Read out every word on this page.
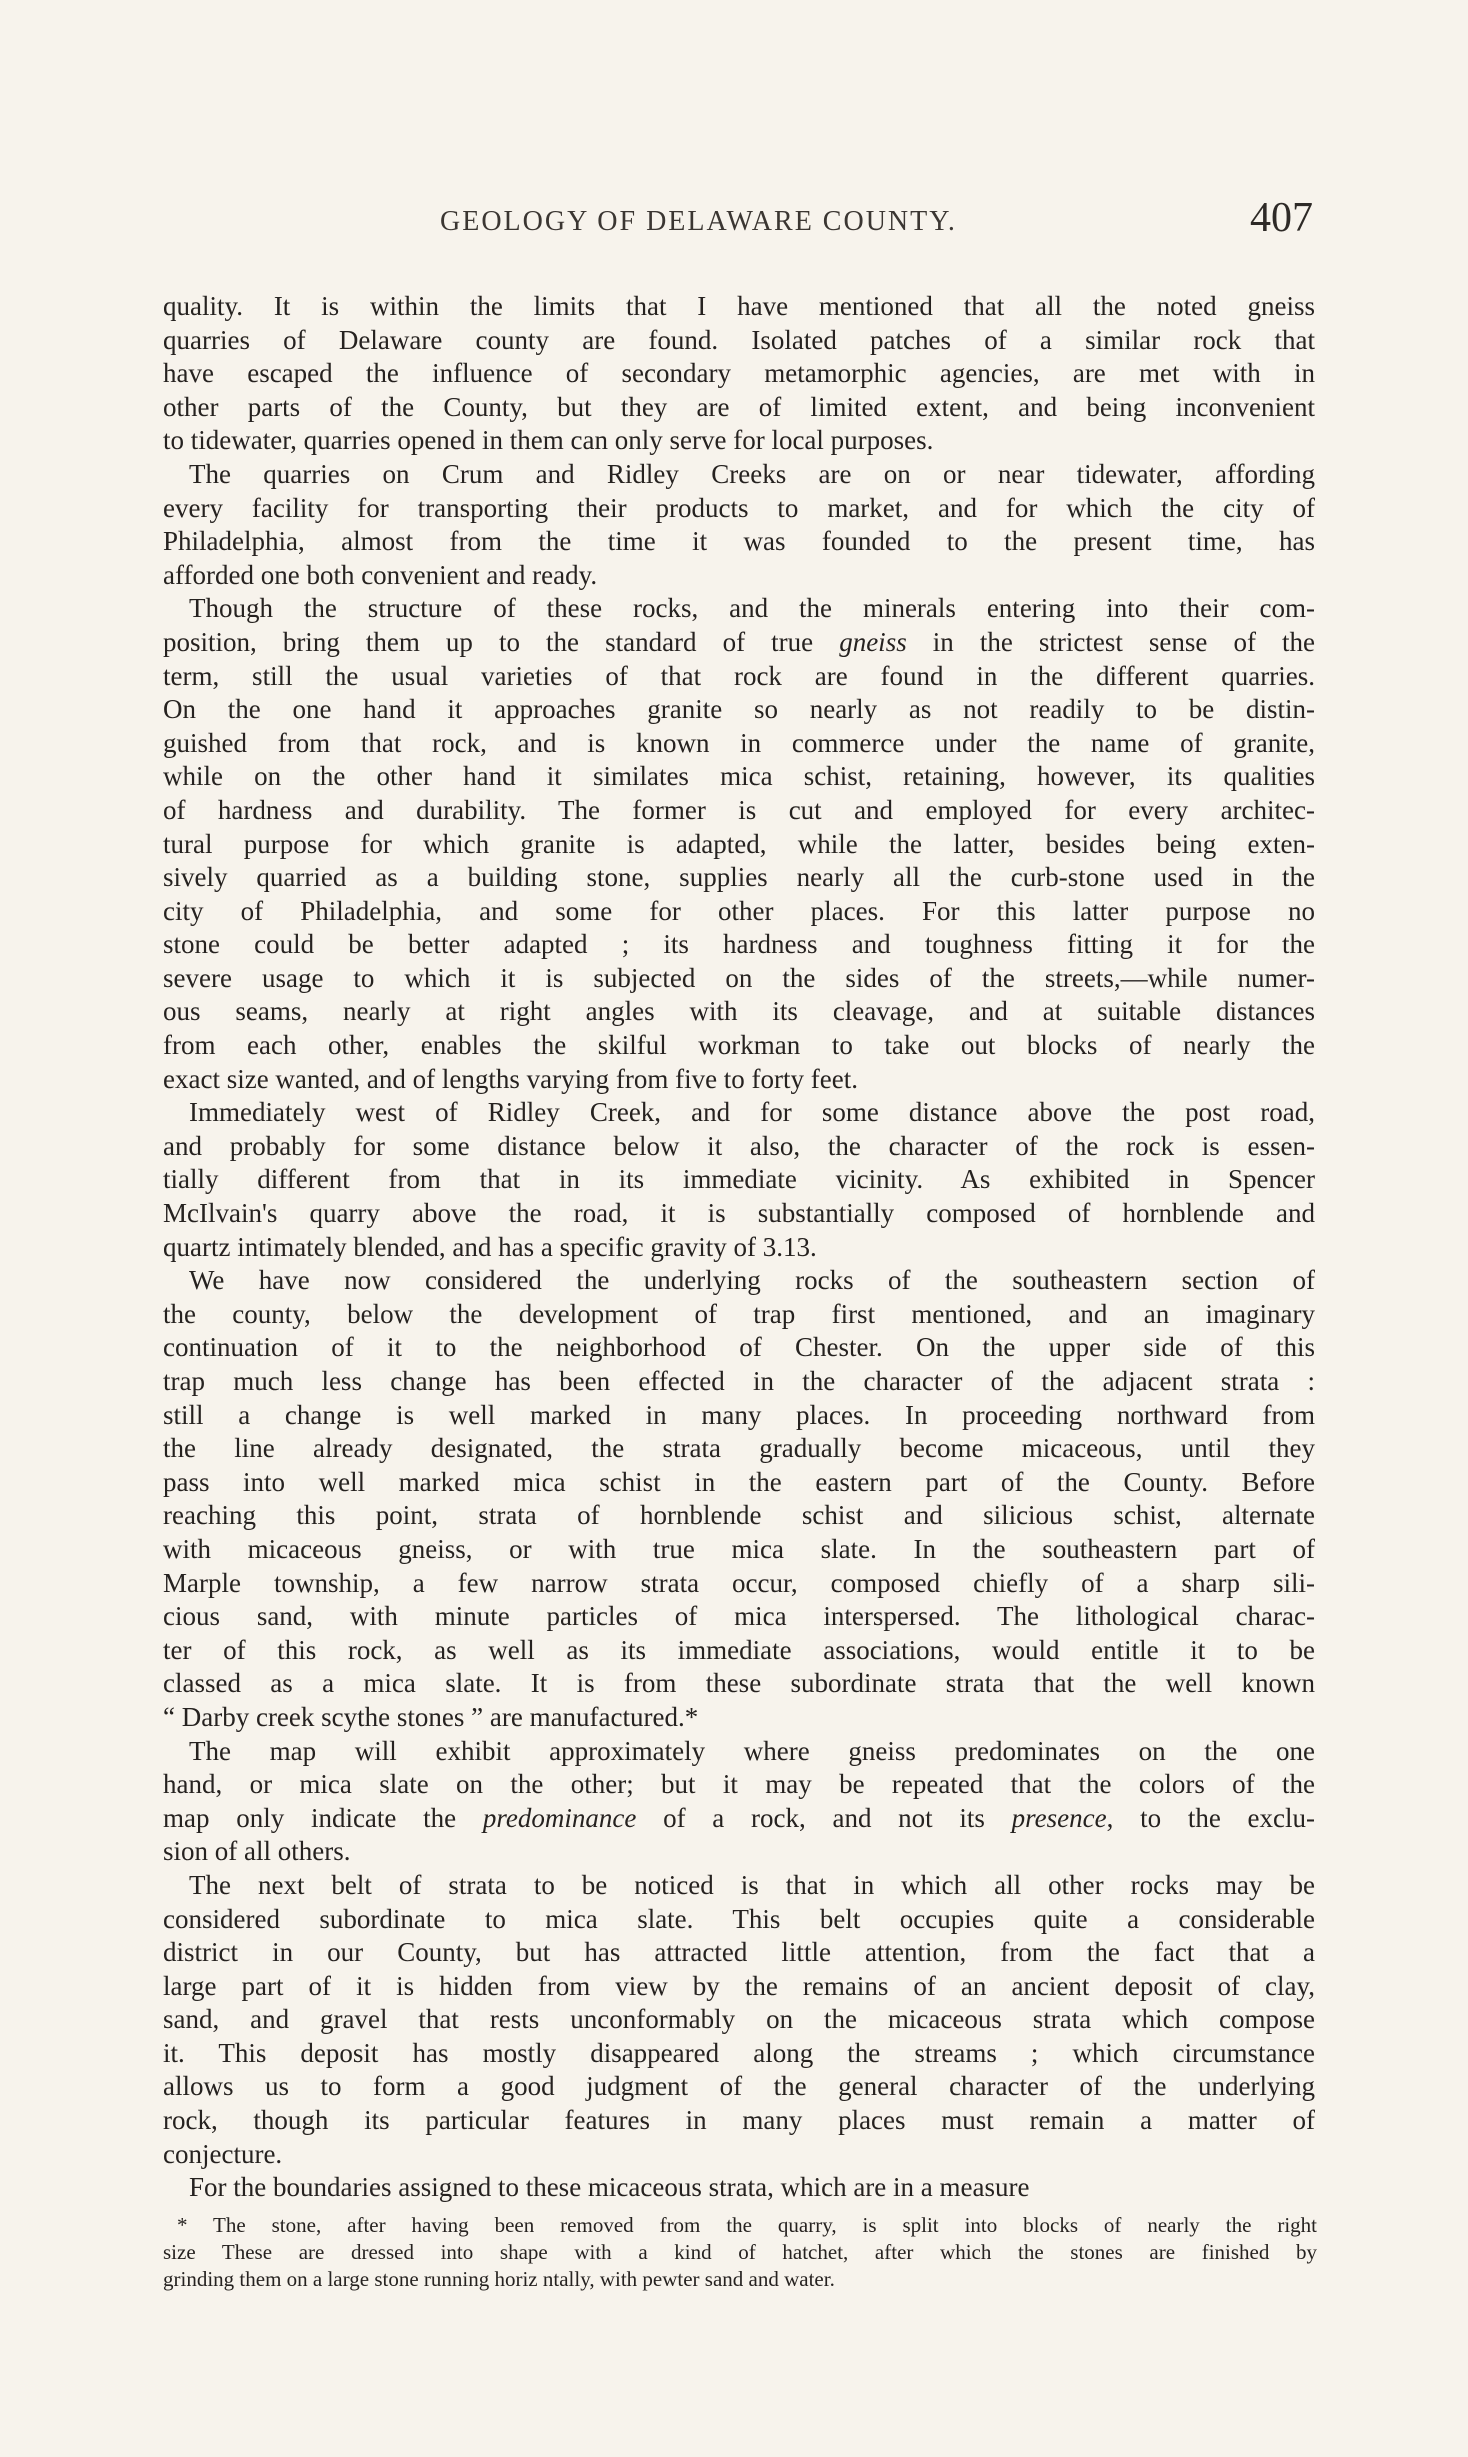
GEOLOGY OF DELAWARE COUNTY.	407
quality. It is within the limits that I have mentioned that all the noted gneiss
quarries of Delaware county are found. Isolated patches of a similar rock that
have escaped the influence of secondary metamorphic agencies, are met with in
other parts of the County, but they are of limited extent, and being inconvenient
to tidewater, quarries opened in them can only serve for local purposes.
The quarries on Crum and Ridley Creeks are on or near tidewater, affording
every facility for transporting their products to market, and for which the city of
Philadelphia, almost from the time it was founded to the present time, has
afforded one both convenient and ready.
Though the structure of these rocks, and the minerals entering into their com-
position, bring them up to the standard of true gneiss in the strictest sense of the
term, still the usual varieties of that rock are found in the different quarries.
On the one hand it approaches granite so nearly as not readily to be distin-
guished from that rock, and is known in commerce under the name of granite,
while on the other hand it similates mica schist, retaining, however, its qualities
of hardness and durability. The former is cut and employed for every architec-
tural purpose for which granite is adapted, while the latter, besides being exten-
sively quarried as a building stone, supplies nearly all the curb-stone used in the
city of Philadelphia, and some for other places. For this latter purpose no
stone could be better adapted ; its hardness and toughness fitting it for the
severe usage to which it is subjected on the sides of the streets,—while numer-
ous seams, nearly at right angles with its cleavage, and at suitable distances
from each other, enables the skilful workman to take out blocks of nearly the
exact size wanted, and of lengths varying from five to forty feet.
Immediately west of Ridley Creek, and for some distance above the post road,
and probably for some distance below it also, the character of the rock is essen-
tially different from that in its immediate vicinity. As exhibited in Spencer
McIlvain's quarry above the road, it is substantially composed of hornblende and
quartz intimately blended, and has a specific gravity of 3.13.
We have now considered the underlying rocks of the southeastern section of
the county, below the development of trap first mentioned, and an imaginary
continuation of it to the neighborhood of Chester. On the upper side of this
trap much less change has been effected in the character of the adjacent strata :
still a change is well marked in many places. In proceeding northward from
the line already designated, the strata gradually become micaceous, until they
pass into well marked mica schist in the eastern part of the County. Before
reaching this point, strata of hornblende schist and silicious schist, alternate
with micaceous gneiss, or with true mica slate. In the southeastern part of
Marple township, a few narrow strata occur, composed chiefly of a sharp sili-
cious sand, with minute particles of mica interspersed. The lithological charac-
ter of this rock, as well as its immediate associations, would entitle it to be
classed as a mica slate. It is from these subordinate strata that the well known
“ Darby creek scythe stones ” are manufactured.*
The map will exhibit approximately where gneiss predominates on the one
hand, or mica slate on the other; but it may be repeated that the colors of the
map only indicate the predominance of a rock, and not its presence, to the exclu-
sion of all others.
The next belt of strata to be noticed is that in which all other rocks may be
considered subordinate to mica slate. This belt occupies quite a considerable
district in our County, but has attracted little attention, from the fact that a
large part of it is hidden from view by the remains of an ancient deposit of clay,
sand, and gravel that rests unconformably on the micaceous strata which compose
it. This deposit has mostly disappeared along the streams ; which circumstance
allows us to form a good judgment of the general character of the underlying
rock, though its particular features in many places must remain a matter of
conjecture.
For the boundaries assigned to these micaceous strata, which are in a measure
* The stone, after having been removed from the quarry, is split into blocks of nearly the right
size These are dressed into shape with a kind of hatchet, after which the stones are finished by
grinding them on a large stone running horiz ntally, with pewter sand and water.
